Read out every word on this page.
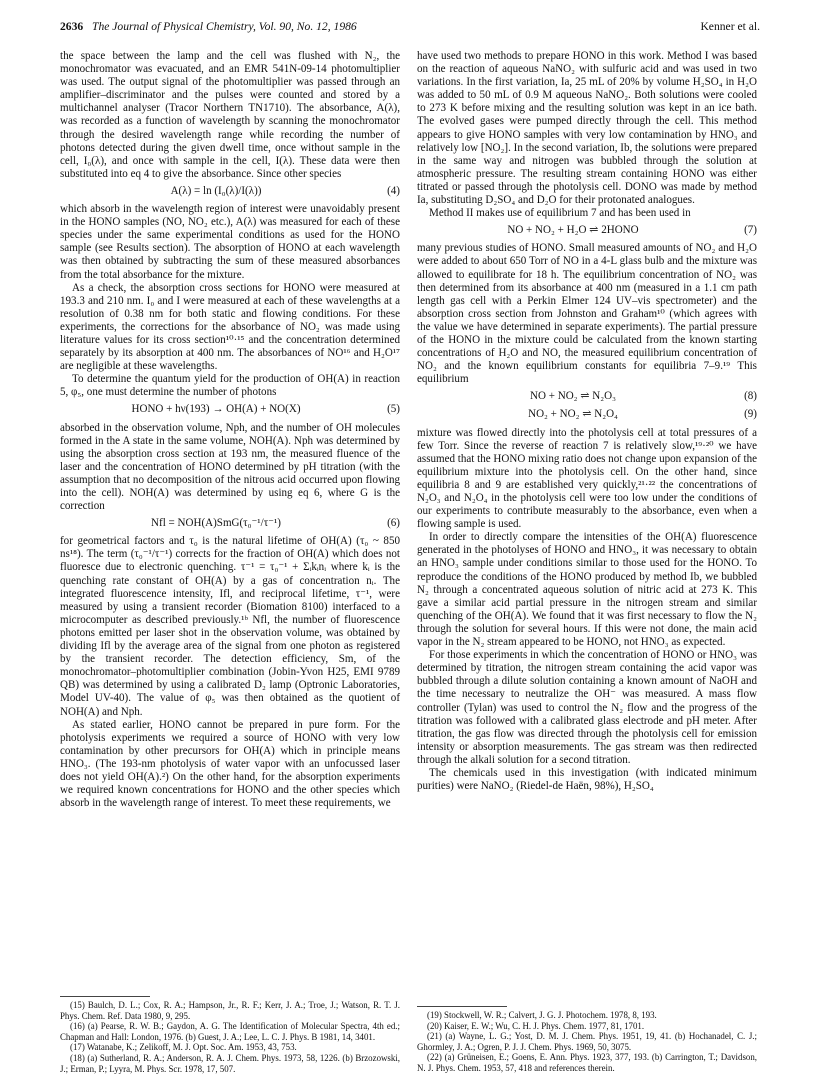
2636 The Journal of Physical Chemistry, Vol. 90, No. 12, 1986	Kenner et al.

the space between the lamp and the cell was flushed with N₂, the monochromator was evacuated, and an EMR 541N-09-14 photomultiplier was used. The output signal of the photomultiplier was passed through an amplifier–discriminator and the pulses were counted and stored by a multichannel analyser (Tracor Northern TN1710). The absorbance, A(λ), was recorded as a function of wavelength by scanning the monochromator through the desired wavelength range while recording the number of photons detected during the given dwell time, once without sample in the cell, I₀(λ), and once with sample in the cell, I(λ). These data were then substituted into eq 4 to give the absorbance. Since other species

A(λ) = ln (I₀(λ)/I(λ))	(4)

which absorb in the wavelength region of interest were unavoidably present in the HONO samples (NO, NO₂ etc.), A(λ) was measured for each of these species under the same experimental conditions as used for the HONO sample (see Results section). The absorption of HONO at each wavelength was then obtained by subtracting the sum of these measured absorbances from the total absorbance for the mixture.

As a check, the absorption cross sections for HONO were measured at 193.3 and 210 nm. I₀ and I were measured at each of these wavelengths at a resolution of 0.38 nm for both static and flowing conditions. For these experiments, the corrections for the absorbance of NO₂ was made using literature values for its cross section¹⁰·¹⁵ and the concentration determined separately by its absorption at 400 nm. The absorbances of NO¹⁶ and H₂O¹⁷ are negligible at these wavelengths.

To determine the quantum yield for the production of OH(A) in reaction 5, φ₅, one must determine the number of photons

HONO + hν(193) → OH(A) + NO(X)	(5)

absorbed in the observation volume, Nph, and the number of OH molecules formed in the A state in the same volume, NOH(A). Nph was determined by using the absorption cross section at 193 nm, the measured fluence of the laser and the concentration of HONO determined by pH titration (with the assumption that no decomposition of the nitrous acid occurred upon flowing into the cell). NOH(A) was determined by using eq 6, where G is the correction

Nfl = NOH(A)SmG(τ₀⁻¹/τ⁻¹)	(6)

for geometrical factors and τ₀ is the natural lifetime of OH(A) (τ₀ ~ 850 ns¹⁸). The term (τ₀⁻¹/τ⁻¹) corrects for the fraction of OH(A) which does not fluoresce due to electronic quenching. τ⁻¹ = τ₀⁻¹ + Σᵢkᵢnᵢ where kᵢ is the quenching rate constant of OH(A) by a gas of concentration nᵢ. The integrated fluorescence intensity, Ifl, and reciprocal lifetime, τ⁻¹, were measured by using a transient recorder (Biomation 8100) interfaced to a microcomputer as described previously.¹ᵇ Nfl, the number of fluorescence photons emitted per laser shot in the observation volume, was obtained by dividing Ifl by the average area of the signal from one photon as registered by the transient recorder. The detection efficiency, Sm, of the monochromator–photomultiplier combination (Jobin-Yvon H25, EMI 9789 QB) was determined by using a calibrated D₂ lamp (Optronic Laboratories, Model UV-40). The value of φ₅ was then obtained as the quotient of NOH(A) and Nph.

As stated earlier, HONO cannot be prepared in pure form. For the photolysis experiments we required a source of HONO with very low contamination by other precursors for OH(A) which in principle means HNO₃. (The 193-nm photolysis of water vapor with an unfocussed laser does not yield OH(A).²) On the other hand, for the absorption experiments we required known concentrations for HONO and the other species which absorb in the wavelength range of interest. To meet these requirements, we

have used two methods to prepare HONO in this work. Method I was based on the reaction of aqueous NaNO₂ with sulfuric acid and was used in two variations. In the first variation, Ia, 25 mL of 20% by volume H₂SO₄ in H₂O was added to 50 mL of 0.9 M aqueous NaNO₂. Both solutions were cooled to 273 K before mixing and the resulting solution was kept in an ice bath. The evolved gases were pumped directly through the cell. This method appears to give HONO samples with very low contamination by HNO₃ and relatively low [NO₂]. In the second variation, Ib, the solutions were prepared in the same way and nitrogen was bubbled through the solution at atmospheric pressure. The resulting stream containing HONO was either titrated or passed through the photolysis cell. DONO was made by method Ia, substituting D₂SO₄ and D₂O for their protonated analogues.

Method II makes use of equilibrium 7 and has been used in

NO + NO₂ + H₂O ⇌ 2HONO	(7)

many previous studies of HONO. Small measured amounts of NO₂ and H₂O were added to about 650 Torr of NO in a 4-L glass bulb and the mixture was allowed to equilibrate for 18 h. The equilibrium concentration of NO₂ was then determined from its absorbance at 400 nm (measured in a 1.1 cm path length gas cell with a Perkin Elmer 124 UV–vis spectrometer) and the absorption cross section from Johnston and Graham¹⁰ (which agrees with the value we have determined in separate experiments). The partial pressure of the HONO in the mixture could be calculated from the known starting concentrations of H₂O and NO, the measured equilibrium concentration of NO₂ and the known equilibrium constants for equilibria 7–9.¹⁹ This equilibrium

NO + NO₂ ⇌ N₂O₃	(8)
NO₂ + NO₂ ⇌ N₂O₄	(9)

mixture was flowed directly into the photolysis cell at total pressures of a few Torr. Since the reverse of reaction 7 is relatively slow,¹⁹·²⁰ we have assumed that the HONO mixing ratio does not change upon expansion of the equilibrium mixture into the photolysis cell. On the other hand, since equilibria 8 and 9 are established very quickly,²¹·²² the concentrations of N₂O₃ and N₂O₄ in the photolysis cell were too low under the conditions of our experiments to contribute measurably to the absorbance, even when a flowing sample is used.

In order to directly compare the intensities of the OH(A) fluorescence generated in the photolyses of HONO and HNO₃, it was necessary to obtain an HNO₃ sample under conditions similar to those used for the HONO. To reproduce the conditions of the HONO produced by method Ib, we bubbled N₂ through a concentrated aqueous solution of nitric acid at 273 K. This gave a similar acid partial pressure in the nitrogen stream and similar quenching of the OH(A). We found that it was first necessary to flow the N₂ through the solution for several hours. If this were not done, the main acid vapor in the N₂ stream appeared to be HONO, not HNO₃ as expected.

For those experiments in which the concentration of HONO or HNO₃ was determined by titration, the nitrogen stream containing the acid vapor was bubbled through a dilute solution containing a known amount of NaOH and the time necessary to neutralize the OH⁻ was measured. A mass flow controller (Tylan) was used to control the N₂ flow and the progress of the titration was followed with a calibrated glass electrode and pH meter. After titration, the gas flow was directed through the photolysis cell for emission intensity or absorption measurements. The gas stream was then redirected through the alkali solution for a second titration.

The chemicals used in this investigation (with indicated minimum purities) were NaNO₂ (Riedel-de Haën, 98%), H₂SO₄

(15) Baulch, D. L.; Cox, R. A.; Hampson, Jr., R. F.; Kerr, J. A.; Troe, J.; Watson, R. T. J. Phys. Chem. Ref. Data 1980, 9, 295.

(16) (a) Pearse, R. W. B.; Gaydon, A. G. The Identification of Molecular Spectra, 4th ed.; Chapman and Hall: London, 1976. (b) Guest, J. A.; Lee, L. C. J. Phys. B 1981, 14, 3401.

(17) Watanabe, K.; Zelikoff, M. J. Opt. Soc. Am. 1953, 43, 753.

(18) (a) Sutherland, R. A.; Anderson, R. A. J. Chem. Phys. 1973, 58, 1226. (b) Brzozowski, J.; Erman, P.; Lyyra, M. Phys. Scr. 1978, 17, 507.

(19) Stockwell, W. R.; Calvert, J. G. J. Photochem. 1978, 8, 193.

(20) Kaiser, E. W.; Wu, C. H. J. Phys. Chem. 1977, 81, 1701.

(21) (a) Wayne, L. G.; Yost, D. M. J. Chem. Phys. 1951, 19, 41. (b) Hochanadel, C. J.; Ghormley, J. A.; Ogren, P. J. J. Chem. Phys. 1969, 50, 3075.

(22) (a) Grüneisen, E.; Goens, E. Ann. Phys. 1923, 377, 193. (b) Carrington, T.; Davidson, N. J. Phys. Chem. 1953, 57, 418 and references therein.
